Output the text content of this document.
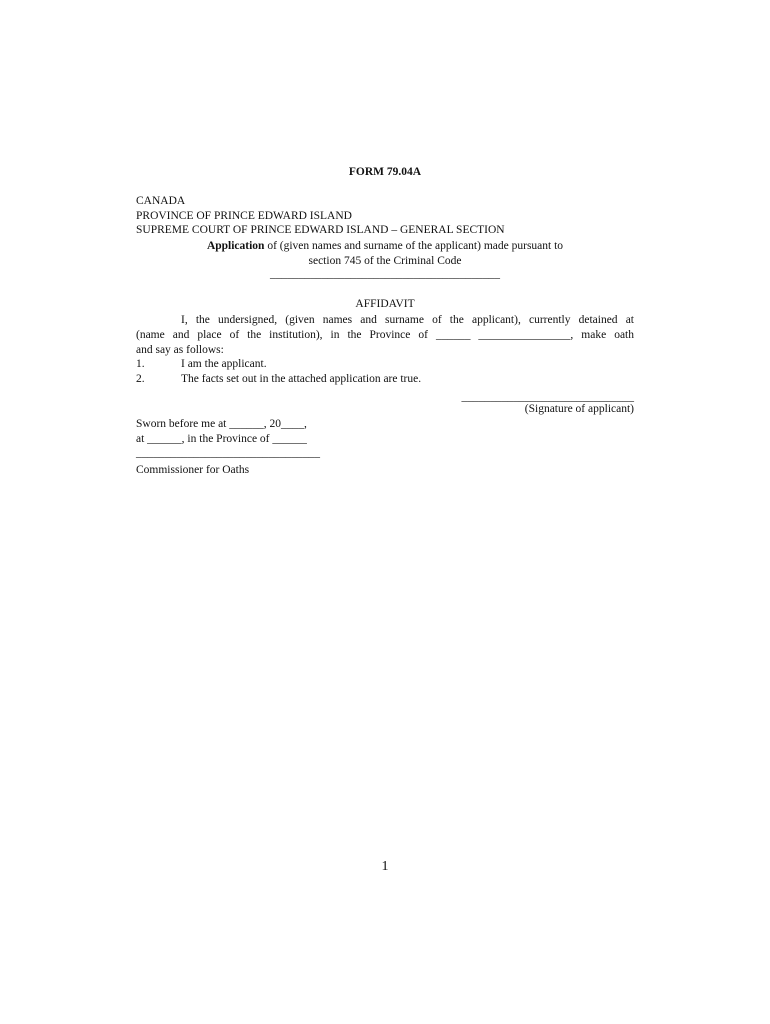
FORM 79.04A
CANADA
PROVINCE OF PRINCE EDWARD ISLAND
SUPREME COURT OF PRINCE EDWARD ISLAND – GENERAL SECTION
Application of (given names and surname of the applicant) made pursuant to
section 745 of the Criminal Code
________________________________________
AFFIDAVIT
I, the undersigned, (given names and surname of the applicant), currently detained at
(name and place of the institution), in the Province of ______ ________________, make oath
and say as follows:
1.	I am the applicant.
2.	The facts set out in the attached application are true.
______________________________
(Signature of applicant)
Sworn before me at ______, 20____,
at ______, in the Province of ______
________________________________
Commissioner for Oaths
1
